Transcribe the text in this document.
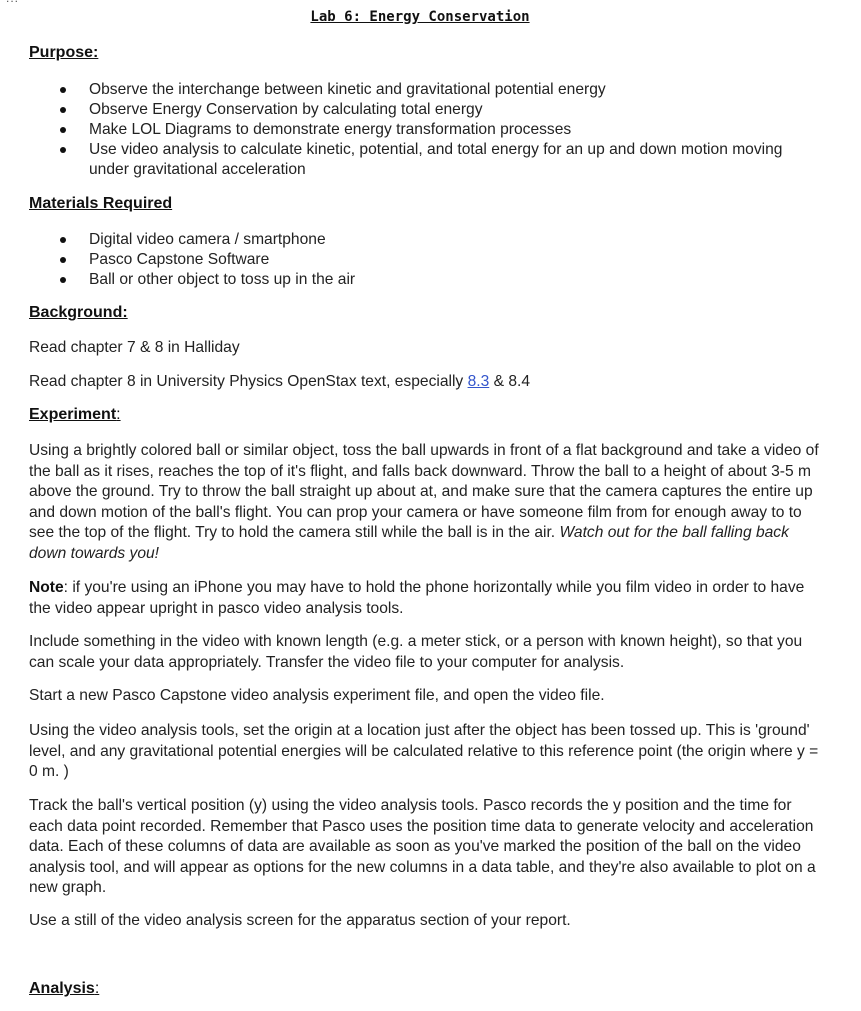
Lab 6: Energy Conservation
Purpose:
Observe the interchange between kinetic and gravitational potential energy
Observe Energy Conservation by calculating total energy
Make LOL Diagrams to demonstrate energy transformation processes
Use video analysis to calculate kinetic, potential, and total energy for an up and down motion moving under gravitational acceleration
Materials Required
Digital video camera / smartphone
Pasco Capstone Software
Ball or other object to toss up in the air
Background:

Read chapter 7 & 8 in Halliday

Read chapter 8 in University Physics OpenStax text, especially 8.3 & 8.4

Experiment:

Using a brightly colored ball or similar object, toss the ball upwards in front of a flat background and take a video of the ball as it rises, reaches the top of it's flight, and falls back downward. Throw the ball to a height of about 3-5 m above the ground. Try to throw the ball straight up about at, and make sure that the camera captures the entire up and down motion of the ball's flight. You can prop your camera or have someone film from for enough away to to see the top of the flight. Try to hold the camera still while the ball is in the air. Watch out for the ball falling back down towards you!

Note: if you're using an iPhone you may have to hold the phone horizontally while you film video in order to have the video appear upright in pasco video analysis tools.

Include something in the video with known length (e.g. a meter stick, or a person with known height), so that you can scale your data appropriately. Transfer the video file to your computer for analysis.

Start a new Pasco Capstone video analysis experiment file, and open the video file.

Using the video analysis tools, set the origin at a location just after the object has been tossed up. This is 'ground' level, and any gravitational potential energies will be calculated relative to this reference point (the origin where y = 0 m. )

Track the ball's vertical position (y) using the video analysis tools. Pasco records the y position and the time for each data point recorded. Remember that Pasco uses the position time data to generate velocity and acceleration data. Each of these columns of data are available as soon as you've marked the position of the ball on the video analysis tool, and will appear as options for the new columns in a data table, and they're also available to plot on a new graph.

Use a still of the video analysis screen for the apparatus section of your report.

Analysis:
